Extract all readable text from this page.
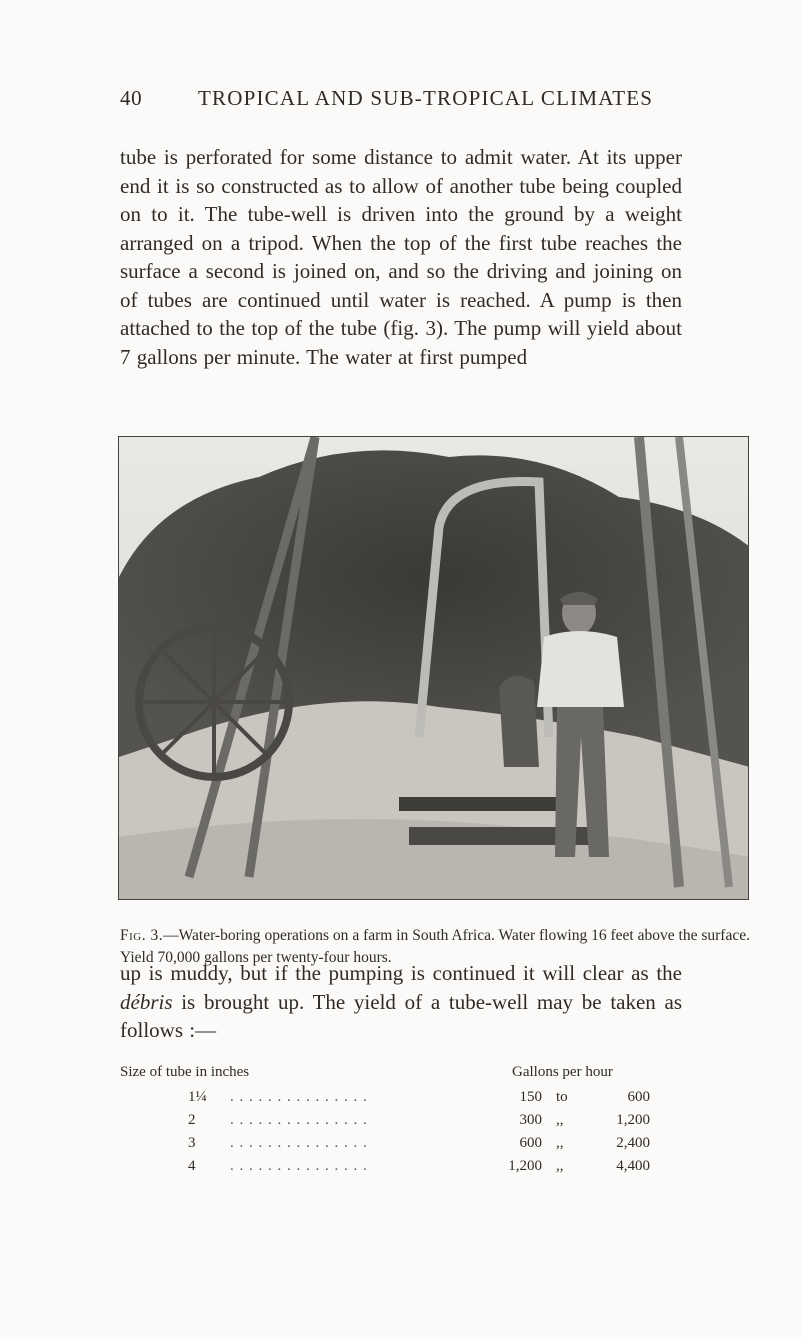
40	TROPICAL AND SUB-TROPICAL CLIMATES
tube is perforated for some distance to admit water. At its upper end it is so constructed as to allow of another tube being coupled on to it. The tube-well is driven into the ground by a weight arranged on a tripod. When the top of the first tube reaches the surface a second is joined on, and so the driving and joining on of tubes are continued until water is reached. A pump is then attached to the top of the tube (fig. 3). The pump will yield about 7 gallons per minute. The water at first pumped
Fig. 3.—Water-boring operations on a farm in South Africa. Water flowing 16 feet above the surface. Yield 70,000 gallons per twenty-four hours.
up is muddy, but if the pumping is continued it will clear as the débris is brought up. The yield of a tube-well may be taken as follows :—
Size of tube in inches	Gallons per hour
1¼ . . . . . . . . . . . . . . .	150 to	600
2 . . . . . . . . . . . . . . .	300 ,,	1,200
3 . . . . . . . . . . . . . . .	600 ,,	2,400
4 . . . . . . . . . . . . . . .	1,200 ,,	4,400
